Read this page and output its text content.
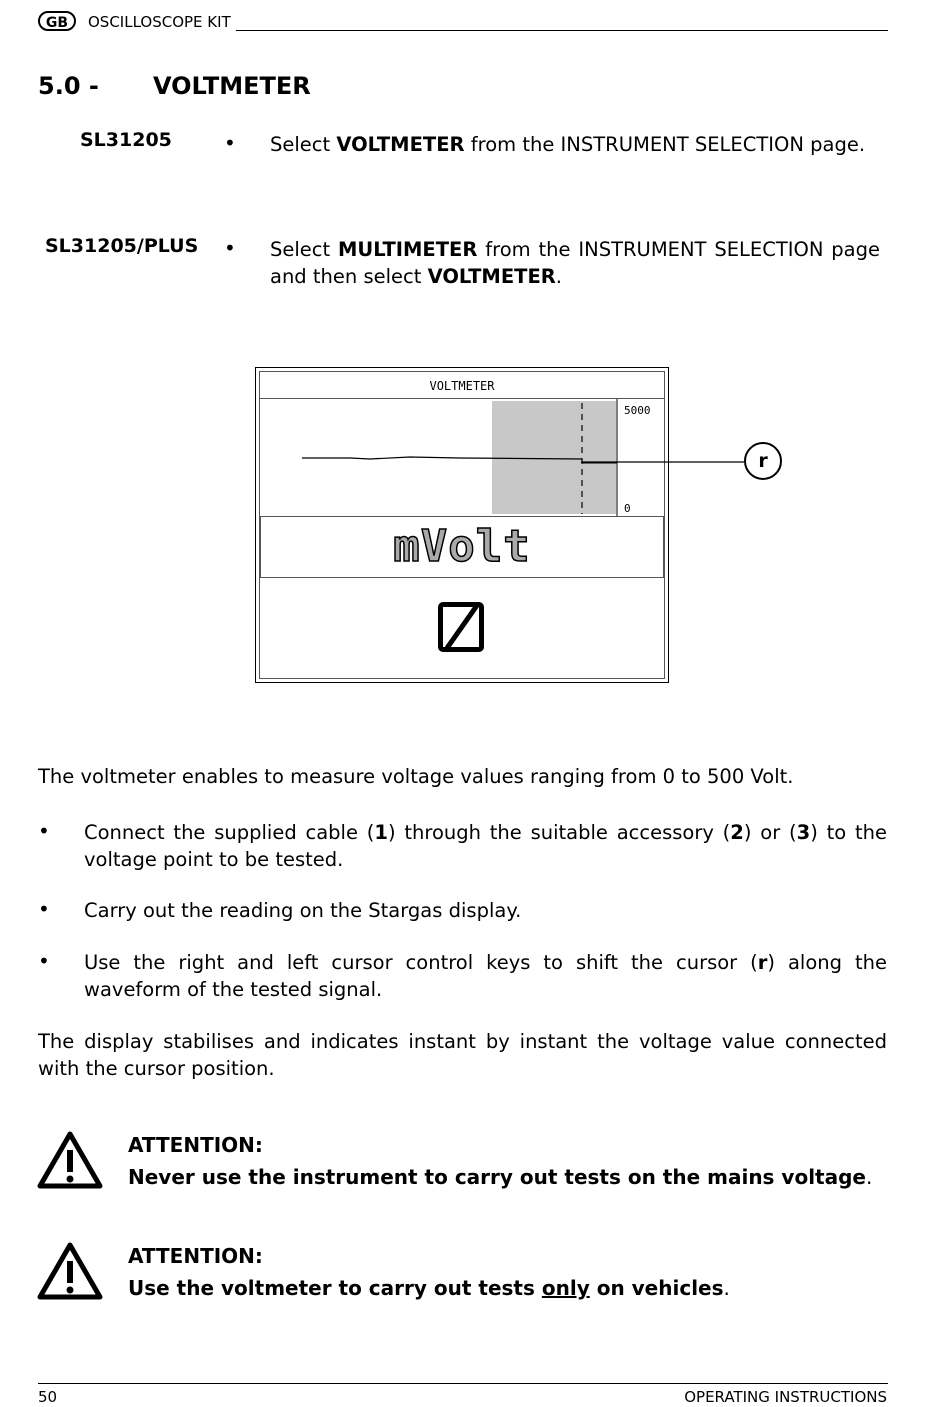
GB	OSCILLOSCOPE KIT
5.0 - VOLTMETER
SL31205	• Select VOLTMETER from the INSTRUMENT SELECTION page.
SL31205/PLUS • Select MULTIMETER from the INSTRUMENT SELECTION page and then select VOLTMETER.
VOLTMETER
5000
0
mVolt
r
The voltmeter enables to measure voltage values ranging from 0 to 500 Volt.
• Connect the supplied cable (1) through the suitable accessory (2) or (3) to the voltage point to be tested.
• Carry out the reading on the Stargas display.
• Use the right and left cursor control keys to shift the cursor (r) along the waveform of the tested signal.
The display stabilises and indicates instant by instant the voltage value connected with the cursor position.
ATTENTION:
Never use the instrument to carry out tests on the mains voltage.
ATTENTION:
Use the voltmeter to carry out tests only on vehicles.
50	OPERATING INSTRUCTIONS
